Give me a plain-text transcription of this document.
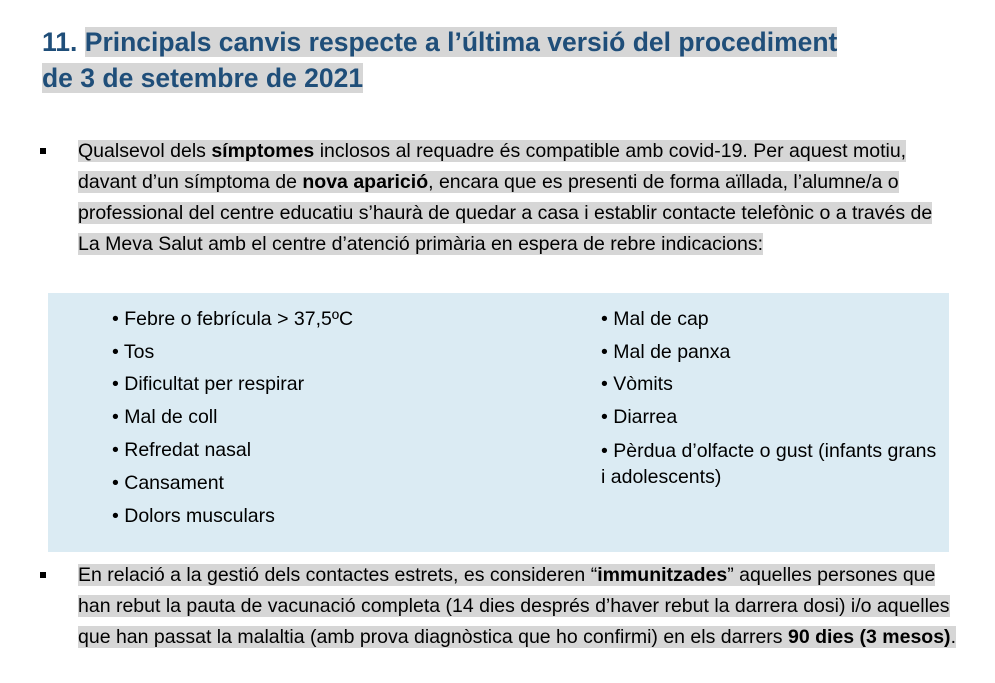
11. Principals canvis respecte a l’última versió del procediment
de 3 de setembre de 2021
Qualsevol dels símptomes inclosos al requadre és compatible amb covid-19. Per aquest motiu, davant d’un símptoma de nova aparició, encara que es presenti de forma aïllada, l’alumne/a o professional del centre educatiu s’haurà de quedar a casa i establir contacte telefònic o a través de La Meva Salut amb el centre d’atenció primària en espera de rebre indicacions:
• Febre o febrícula > 37,5ºC
• Tos
• Dificultat per respirar
• Mal de coll
• Refredat nasal
• Cansament
• Dolors musculars
• Mal de cap
• Mal de panxa
• Vòmits
• Diarrea
• Pèrdua d’olfacte o gust (infants grans i adolescents)
En relació a la gestió dels contactes estrets, es consideren “immunitzades” aquelles persones que han rebut la pauta de vacunació completa (14 dies després d’haver rebut la darrera dosi) i/o aquelles que han passat la malaltia (amb prova diagnòstica que ho confirmi) en els darrers 90 dies (3 mesos).
